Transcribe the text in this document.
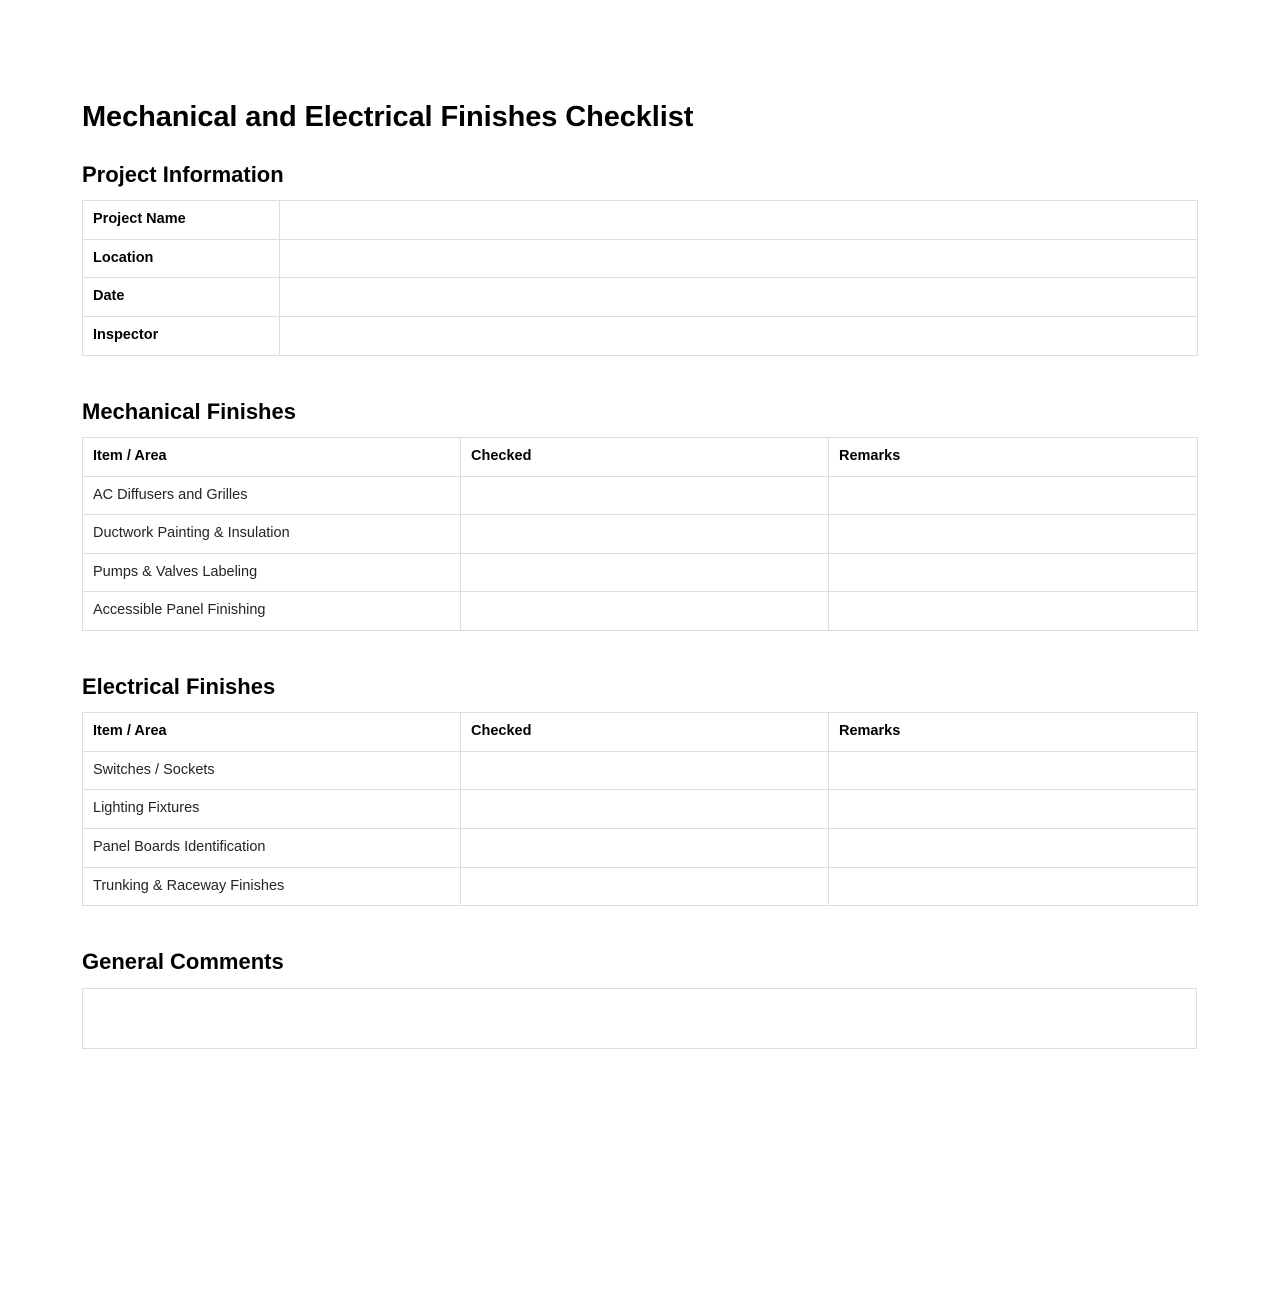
Mechanical and Electrical Finishes Checklist
Project Information
Project Name	
Location	
Date	
Inspector	
Mechanical Finishes
Item / Area	Checked	Remarks
AC Diffusers and Grilles		
Ductwork Painting & Insulation		
Pumps & Valves Labeling		
Accessible Panel Finishing		
Electrical Finishes
Item / Area	Checked	Remarks
Switches / Sockets		
Lighting Fixtures		
Panel Boards Identification		
Trunking & Raceway Finishes		
General Comments
